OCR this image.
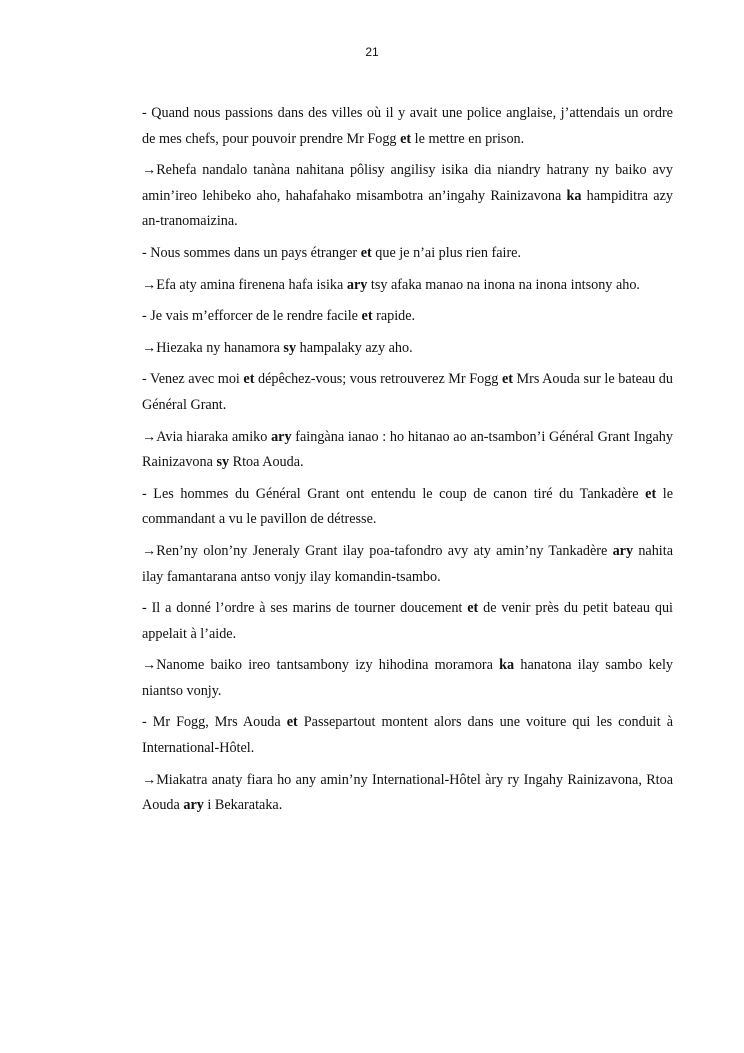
21

- Quand nous passions dans des villes où il y avait une police anglaise, j’attendais un ordre de mes chefs, pour pouvoir prendre Mr Fogg et le mettre en prison.

→Rehefa nandalo tanàna nahitana pôlisy angilisy isika dia niandry hatrany ny baiko avy amin’ireo lehibeko aho, hahafahako misambotra an’ingahy Rainizavona ka hampiditra azy an-tranomaizina.

- Nous sommes dans un pays étranger et que je n’ai plus rien faire.

→Efa aty amina firenena hafa isika ary tsy afaka manao na inona na inona intsony aho.

- Je vais m’efforcer de le rendre facile et rapide.

→Hiezaka ny hanamora sy hampalaky azy aho.

- Venez avec moi et dépêchez-vous; vous retrouverez Mr Fogg et Mrs Aouda sur le bateau du Général Grant.

→Avia hiaraka amiko ary faingàna ianao : ho hitanao ao an-tsambon’i Général Grant Ingahy Rainizavona sy Rtoa Aouda.

- Les hommes du Général Grant ont entendu le coup de canon tiré du Tankadère et le commandant a vu le pavillon de détresse.

→Ren’ny olon’ny Jeneraly Grant ilay poa-tafondro avy aty amin’ny Tankadère ary nahita ilay famantarana antso vonjy ilay komandin-tsambo.

- Il a donné l’ordre à ses marins de tourner doucement et de venir près du petit bateau qui appelait à l’aide.

→Nanome baiko ireo tantsambony izy hihodina moramora ka hanatona ilay sambo kely niantso vonjy.

- Mr Fogg, Mrs Aouda et Passepartout montent alors dans une voiture qui les conduit à International-Hôtel.

→Miakatra anaty fiara ho any amin’ny International-Hôtel àry ry Ingahy Rainizavona, Rtoa Aouda ary i Bekarataka.
